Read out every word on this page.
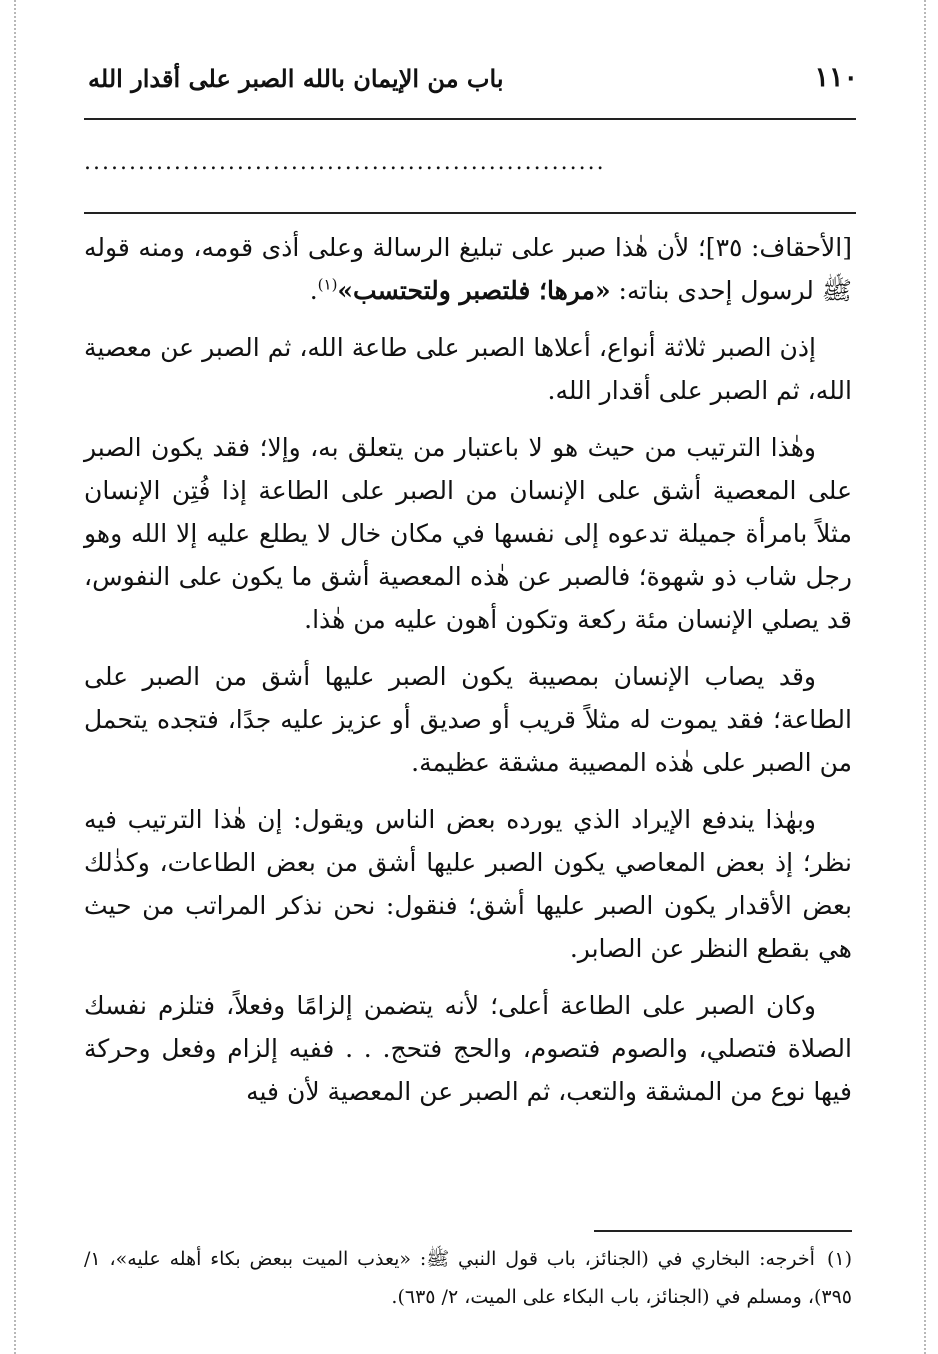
١١٠
باب من الإيمان بالله الصبر على أقدار الله
..........................................................

[الأحقاف: ٣٥]؛ لأن هٰذا صبر على تبليغ الرسالة وعلى أذى قومه، ومنه قوله ﷺ لرسول إحدى بناته: «مرها؛ فلتصبر ولتحتسب»$^{(١)}$.

إذن الصبر ثلاثة أنواع، أعلاها الصبر على طاعة الله، ثم الصبر عن معصية الله، ثم الصبر على أقدار الله.

وهٰذا الترتيب من حيث هو لا باعتبار من يتعلق به، وإلا؛ فقد يكون الصبر على المعصية أشق على الإنسان من الصبر على الطاعة إذا فُتِن الإنسان مثلاً بامرأة جميلة تدعوه إلى نفسها في مكان خال لا يطلع عليه إلا الله وهو رجل شاب ذو شهوة؛ فالصبر عن هٰذه المعصية أشق ما يكون على النفوس، قد يصلي الإنسان مئة ركعة وتكون أهون عليه من هٰذا.

وقد يصاب الإنسان بمصيبة يكون الصبر عليها أشق من الصبر على الطاعة؛ فقد يموت له مثلاً قريب أو صديق أو عزيز عليه جدًا، فتجده يتحمل من الصبر على هٰذه المصيبة مشقة عظيمة.

وبهٰذا يندفع الإيراد الذي يورده بعض الناس ويقول: إن هٰذا الترتيب فيه نظر؛ إذ بعض المعاصي يكون الصبر عليها أشق من بعض الطاعات، وكذٰلك بعض الأقدار يكون الصبر عليها أشق؛ فنقول: نحن نذكر المراتب من حيث هي بقطع النظر عن الصابر.

وكان الصبر على الطاعة أعلى؛ لأنه يتضمن إلزامًا وفعلاً، فتلزم نفسك الصلاة فتصلي، والصوم فتصوم، والحج فتحج. . . ففيه إلزام وفعل وحركة فيها نوع من المشقة والتعب، ثم الصبر عن المعصية لأن فيه

(١)أخرجه: البخاري في (الجنائز، باب قول النبي ﷺ: «يعذب الميت ببعض بكاء أهله عليه»، ١/ ٣٩٥)، ومسلم في (الجنائز، باب البكاء على الميت، ٢/ ٦٣٥).
